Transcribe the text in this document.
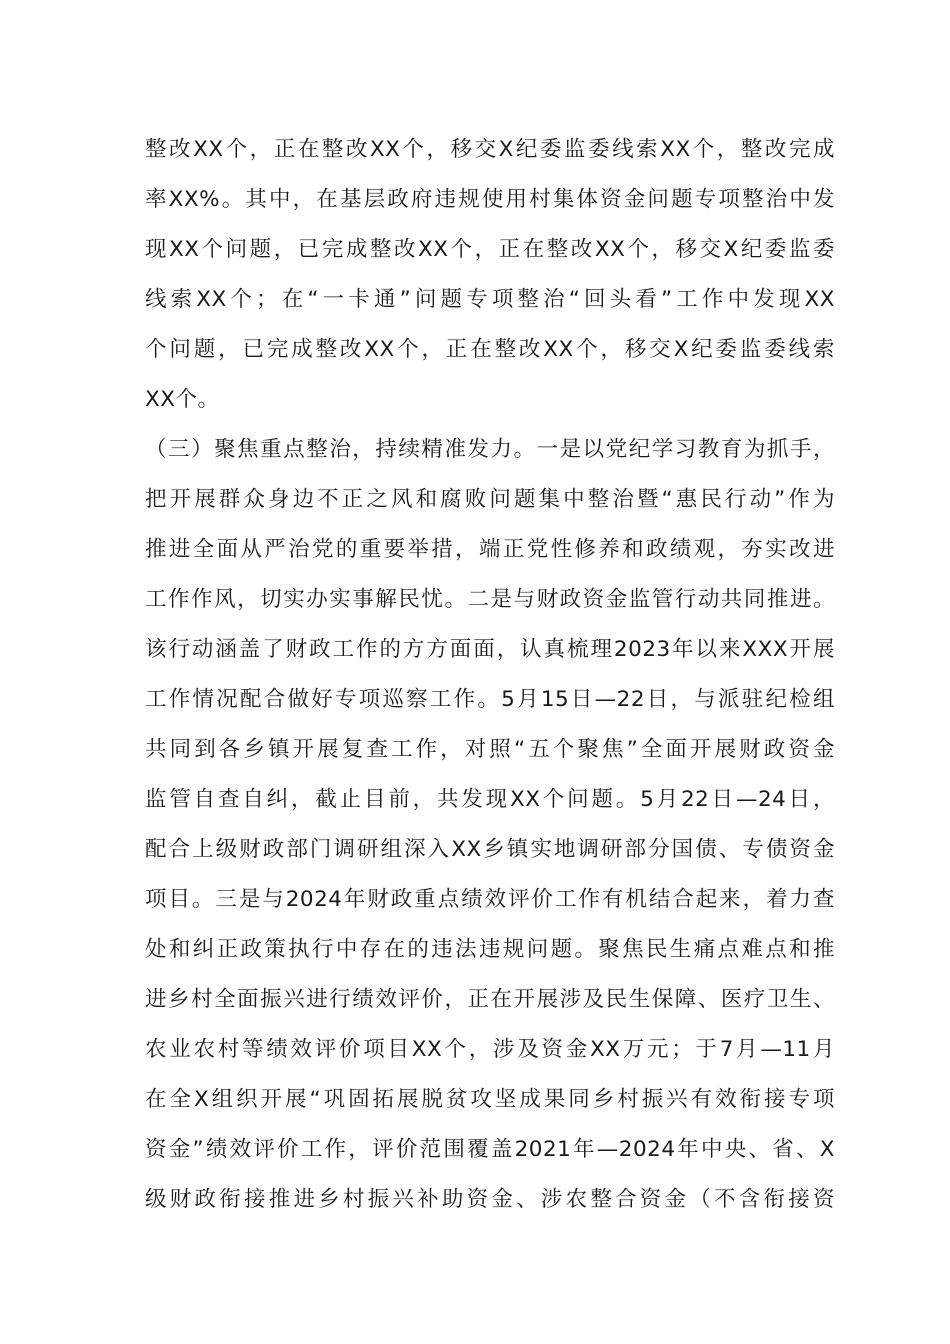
整改XX个，正在整改XX个，移交X纪委监委线索XX个，整改完成
率XX%。其中，在基层政府违规使用村集体资金问题专项整治中发
现XX个问题，已完成整改XX个，正在整改XX个，移交X纪委监委
线索XX个；在“一卡通”问题专项整治“回头看”工作中发现XX
个问题，已完成整改XX个，正在整改XX个，移交X纪委监委线索
XX个。
（三）聚焦重点整治，持续精准发力。一是以党纪学习教育为抓手，
把开展群众身边不正之风和腐败问题集中整治暨“惠民行动”作为
推进全面从严治党的重要举措，端正党性修养和政绩观，夯实改进
工作作风，切实办实事解民忧。二是与财政资金监管行动共同推进。
该行动涵盖了财政工作的方方面面，认真梳理2023年以来XXX开展
工作情况配合做好专项巡察工作。5月15日—22日，与派驻纪检组
共同到各乡镇开展复查工作，对照“五个聚焦”全面开展财政资金
监管自查自纠，截止目前，共发现XX个问题。5月22日—24日，
配合上级财政部门调研组深入XX乡镇实地调研部分国债、专债资金
项目。三是与2024年财政重点绩效评价工作有机结合起来，着力查
处和纠正政策执行中存在的违法违规问题。聚焦民生痛点难点和推
进乡村全面振兴进行绩效评价，正在开展涉及民生保障、医疗卫生、
农业农村等绩效评价项目XX个，涉及资金XX万元；于7月—11月
在全X组织开展“巩固拓展脱贫攻坚成果同乡村振兴有效衔接专项
资金”绩效评价工作，评价范围覆盖2021年—2024年中央、省、X
级财政衔接推进乡村振兴补助资金、涉农整合资金（不含衔接资
